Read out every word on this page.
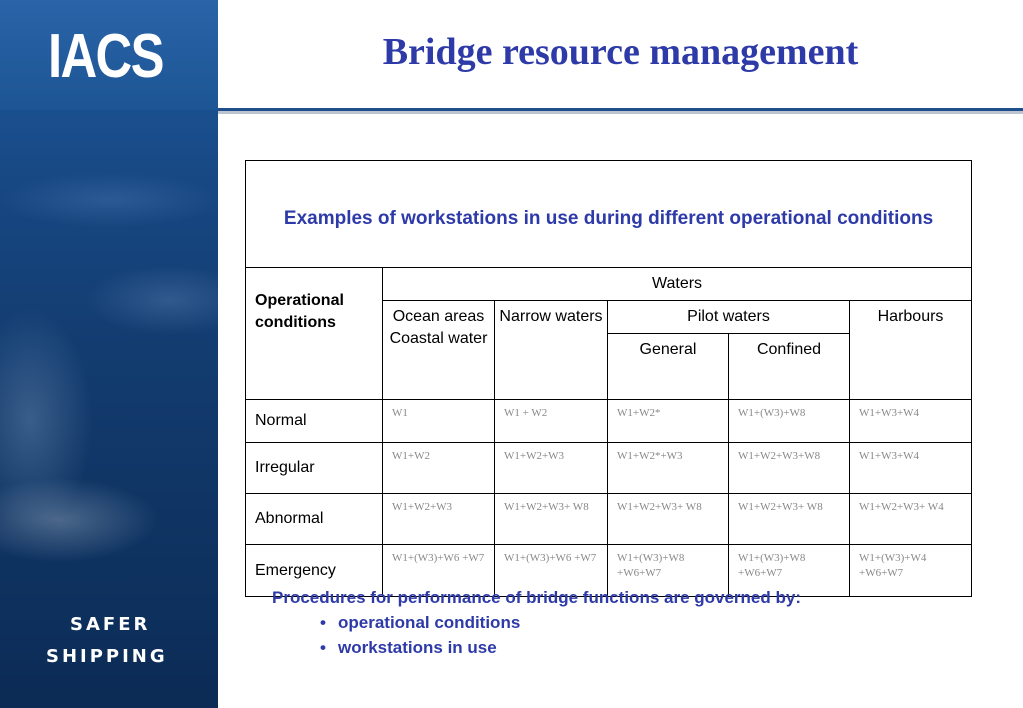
IACS
SAFER
SHIPPING
Bridge resource management
Examples of workstations in use during different operational conditions					
Operational conditions	Waters				
	Ocean areas Coastal water	Narrow waters	Pilot waters		Harbours
			General	Confined	
Normal	W1	W1 + W2	W1+W2*	W1+(W3)+W8	W1+W3+W4
Irregular	W1+W2	W1+W2+W3	W1+W2*+W3	W1+W2+W3+W8	W1+W3+W4
Abnormal	W1+W2+W3	W1+W2+W3+ W8	W1+W2+W3+ W8	W1+W2+W3+ W8	W1+W2+W3+ W4
Emergency	W1+(W3)+W6 +W7	W1+(W3)+W6 +W7	W1+(W3)+W8 +W6+W7	W1+(W3)+W8 +W6+W7	W1+(W3)+W4 +W6+W7
Procedures for performance of bridge functions are governed by:
• operational conditions
• workstations in use
